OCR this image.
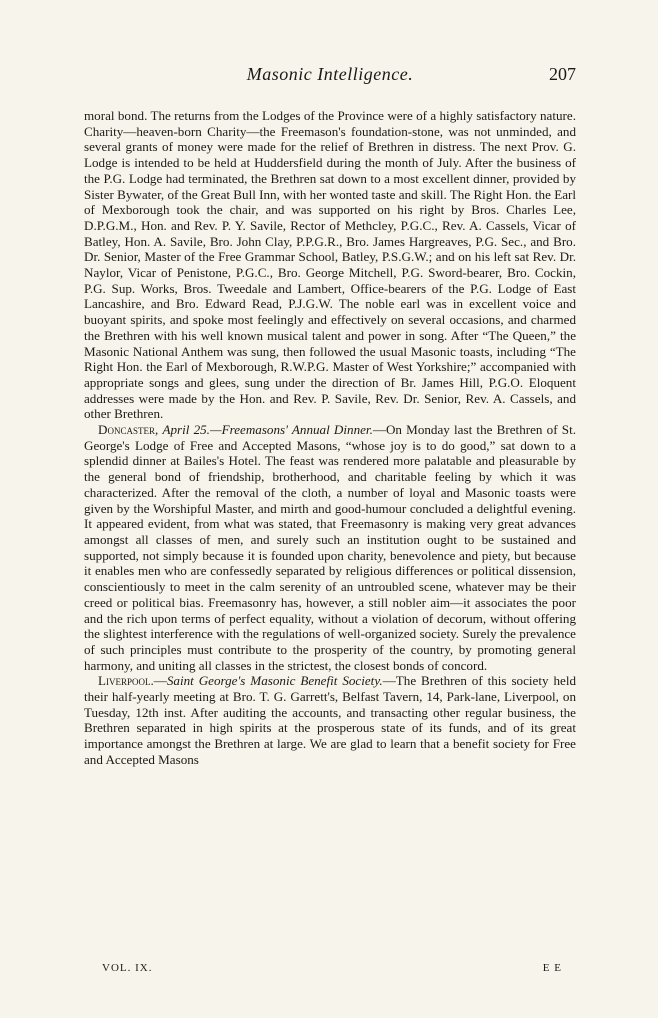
Masonic Intelligence.	207

moral bond. The returns from the Lodges of the Province were of a highly satisfactory nature. Charity—heaven-born Charity—the Freemason's foundation-stone, was not unminded, and several grants of money were made for the relief of Brethren in distress. The next Prov. G. Lodge is intended to be held at Huddersfield during the month of July. After the business of the P.G. Lodge had terminated, the Brethren sat down to a most excellent dinner, provided by Sister Bywater, of the Great Bull Inn, with her wonted taste and skill. The Right Hon. the Earl of Mexborough took the chair, and was supported on his right by Bros. Charles Lee, D.P.G.M., Hon. and Rev. P. Y. Savile, Rector of Methcley, P.G.C., Rev. A. Cassels, Vicar of Batley, Hon. A. Savile, Bro. John Clay, P.P.G.R., Bro. James Hargreaves, P.G. Sec., and Bro. Dr. Senior, Master of the Free Grammar School, Batley, P.S.G.W.; and on his left sat Rev. Dr. Naylor, Vicar of Penistone, P.G.C., Bro. George Mitchell, P.G. Sword-bearer, Bro. Cockin, P.G. Sup. Works, Bros. Tweedale and Lambert, Office-bearers of the P.G. Lodge of East Lancashire, and Bro. Edward Read, P.J.G.W. The noble earl was in excellent voice and buoyant spirits, and spoke most feelingly and effectively on several occasions, and charmed the Brethren with his well known musical talent and power in song. After “The Queen,” the Masonic National Anthem was sung, then followed the usual Masonic toasts, including “The Right Hon. the Earl of Mexborough, R.W.P.G. Master of West Yorkshire;” accompanied with appropriate songs and glees, sung under the direction of Br. James Hill, P.G.O. Eloquent addresses were made by the Hon. and Rev. P. Savile, Rev. Dr. Senior, Rev. A. Cassels, and other Brethren.

Doncaster, April 25.—Freemasons' Annual Dinner.—On Monday last the Brethren of St. George's Lodge of Free and Accepted Masons, “whose joy is to do good,” sat down to a splendid dinner at Bailes's Hotel. The feast was rendered more palatable and pleasurable by the general bond of friendship, brotherhood, and charitable feeling by which it was characterized. After the removal of the cloth, a number of loyal and Masonic toasts were given by the Worshipful Master, and mirth and good-humour concluded a delightful evening. It appeared evident, from what was stated, that Freemasonry is making very great advances amongst all classes of men, and surely such an institution ought to be sustained and supported, not simply because it is founded upon charity, benevolence and piety, but because it enables men who are confessedly separated by religious differences or political dissension, conscientiously to meet in the calm serenity of an untroubled scene, whatever may be their creed or political bias. Freemasonry has, however, a still nobler aim—it associates the poor and the rich upon terms of perfect equality, without a violation of decorum, without offering the slightest interference with the regulations of well-organized society. Surely the prevalence of such principles must contribute to the prosperity of the country, by promoting general harmony, and uniting all classes in the strictest, the closest bonds of concord.

Liverpool.—Saint George's Masonic Benefit Society.—The Brethren of this society held their half-yearly meeting at Bro. T. G. Garrett's, Belfast Tavern, 14, Park-lane, Liverpool, on Tuesday, 12th inst. After auditing the accounts, and transacting other regular business, the Brethren separated in high spirits at the prosperous state of its funds, and of its great importance amongst the Brethren at large. We are glad to learn that a benefit society for Free and Accepted Masons

VOL. IX.	E E
